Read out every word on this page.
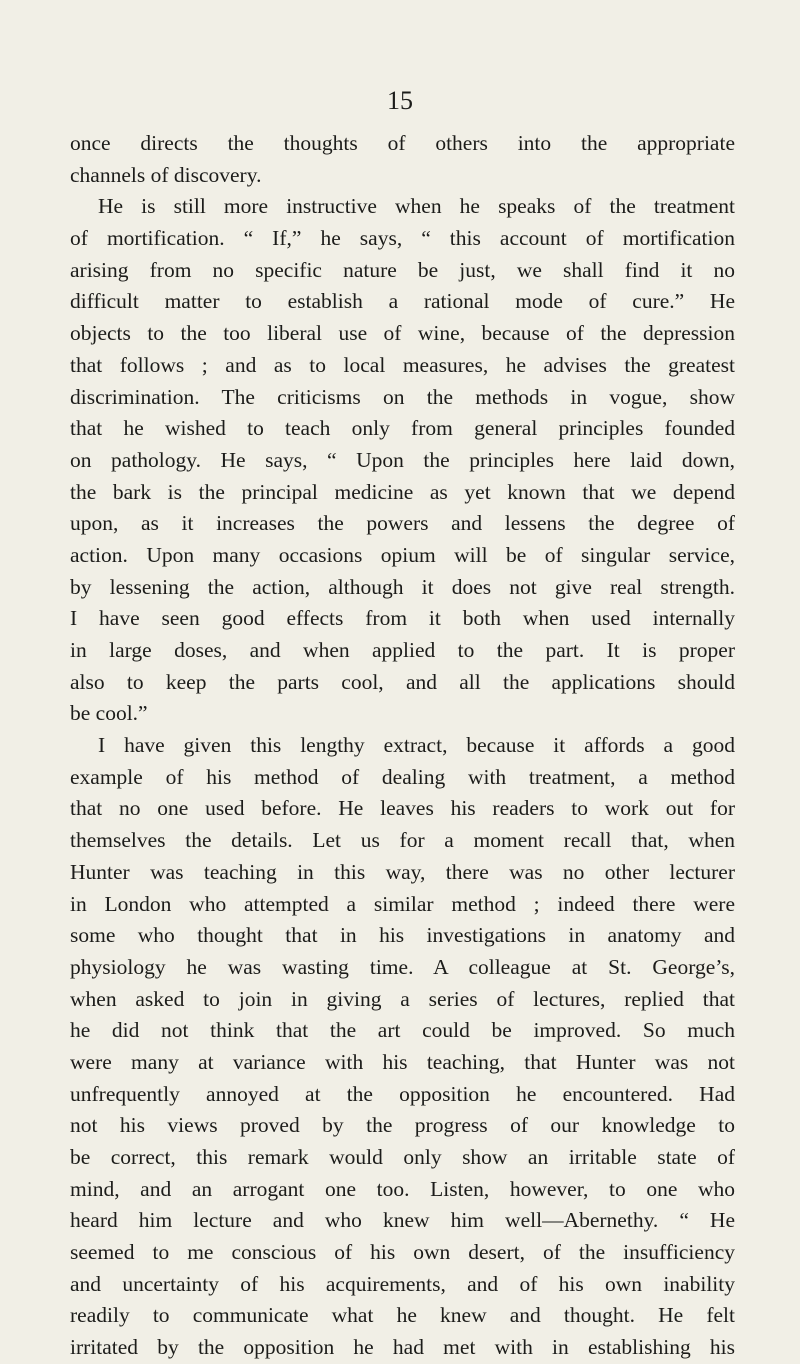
15
once directs the thoughts of others into the appropriate
channels of discovery.
He is still more instructive when he speaks of the treatment
of mortification. “ If,” he says, “ this account of mortification
arising from no specific nature be just, we shall find it no
difficult matter to establish a rational mode of cure.” He
objects to the too liberal use of wine, because of the depression
that follows ; and as to local measures, he advises the greatest
discrimination. The criticisms on the methods in vogue, show
that he wished to teach only from general principles founded
on pathology. He says, “ Upon the principles here laid down,
the bark is the principal medicine as yet known that we depend
upon, as it increases the powers and lessens the degree of
action. Upon many occasions opium will be of singular service,
by lessening the action, although it does not give real strength.
I have seen good effects from it both when used internally
in large doses, and when applied to the part. It is proper
also to keep the parts cool, and all the applications should
be cool.”
I have given this lengthy extract, because it affords a good
example of his method of dealing with treatment, a method
that no one used before. He leaves his readers to work out for
themselves the details. Let us for a moment recall that, when
Hunter was teaching in this way, there was no other lecturer
in London who attempted a similar method ; indeed there were
some who thought that in his investigations in anatomy and
physiology he was wasting time. A colleague at St. George’s,
when asked to join in giving a series of lectures, replied that
he did not think that the art could be improved. So much
were many at variance with his teaching, that Hunter was not
unfrequently annoyed at the opposition he encountered. Had
not his views proved by the progress of our knowledge to
be correct, this remark would only show an irritable state of
mind, and an arrogant one too. Listen, however, to one who
heard him lecture and who knew him well—Abernethy. “ He
seemed to me conscious of his own desert, of the insufficiency
and uncertainty of his acquirements, and of his own inability
readily to communicate what he knew and thought. He felt
irritated by the opposition he had met with in establishing his
